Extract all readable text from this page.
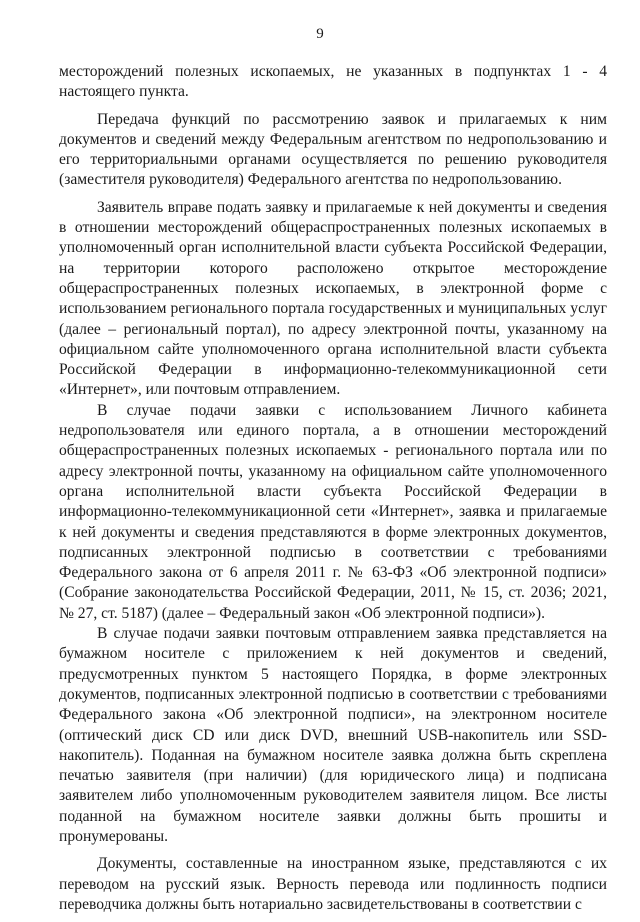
9

месторождений полезных ископаемых, не указанных в подпунктах 1 - 4 настоящего пункта.

Передача функций по рассмотрению заявок и прилагаемых к ним документов и сведений между Федеральным агентством по недропользованию и его территориальными органами осуществляется по решению руководителя (заместителя руководителя) Федерального агентства по недропользованию.

Заявитель вправе подать заявку и прилагаемые к ней документы и сведения в отношении месторождений общераспространенных полезных ископаемых в уполномоченный орган исполнительной власти субъекта Российской Федерации, на территории которого расположено открытое месторождение общераспространенных полезных ископаемых, в электронной форме с использованием регионального портала государственных и муниципальных услуг (далее – региональный портал), по адресу электронной почты, указанному на официальном сайте уполномоченного органа исполнительной власти субъекта Российской Федерации в информационно-телекоммуникационной сети «Интернет», или почтовым отправлением.

В случае подачи заявки с использованием Личного кабинета недропользователя или единого портала, а в отношении месторождений общераспространенных полезных ископаемых - регионального портала или по адресу электронной почты, указанному на официальном сайте уполномоченного органа исполнительной власти субъекта Российской Федерации в информационно-телекоммуникационной сети «Интернет», заявка и прилагаемые к ней документы и сведения представляются в форме электронных документов, подписанных электронной подписью в соответствии с требованиями Федерального закона от 6 апреля 2011 г. № 63-ФЗ «Об электронной подписи» (Собрание законодательства Российской Федерации, 2011, № 15, ст. 2036; 2021, № 27, ст. 5187) (далее – Федеральный закон «Об электронной подписи»).

В случае подачи заявки почтовым отправлением заявка представляется на бумажном носителе с приложением к ней документов и сведений, предусмотренных пунктом 5 настоящего Порядка, в форме электронных документов, подписанных электронной подписью в соответствии с требованиями Федерального закона «Об электронной подписи», на электронном носителе (оптический диск CD или диск DVD, внешний USB-накопитель или SSD-накопитель). Поданная на бумажном носителе заявка должна быть скреплена печатью заявителя (при наличии) (для юридического лица) и подписана заявителем либо уполномоченным руководителем заявителя лицом. Все листы поданной на бумажном носителе заявки должны быть прошиты и пронумерованы.

Документы, составленные на иностранном языке, представляются с их переводом на русский язык. Верность перевода или подлинность подписи переводчика должны быть нотариально засвидетельствованы в соответствии с
